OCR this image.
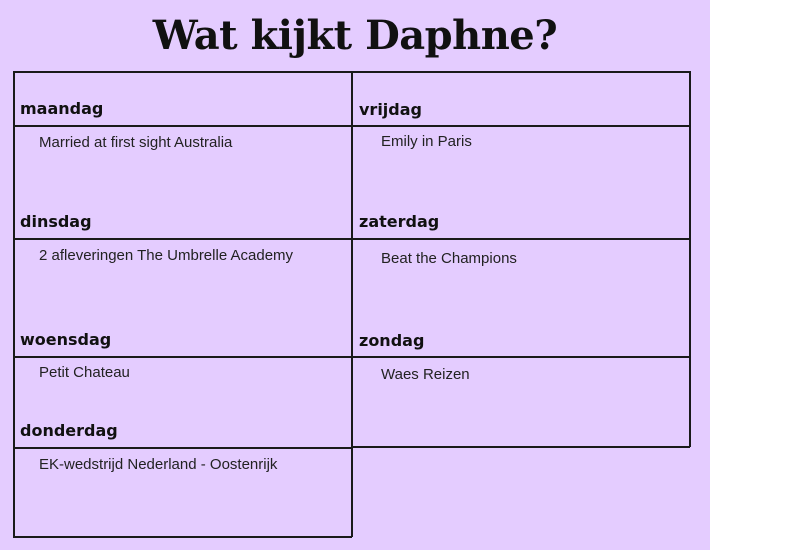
Wat kijkt Daphne?
maandag
Married at first sight Australia
dinsdag
2 afleveringen The Umbrelle Academy
woensdag
Petit Chateau
donderdag
EK-wedstrijd Nederland - Oostenrijk
vrijdag
Emily in Paris
zaterdag
Beat the Champions
zondag
Waes Reizen
